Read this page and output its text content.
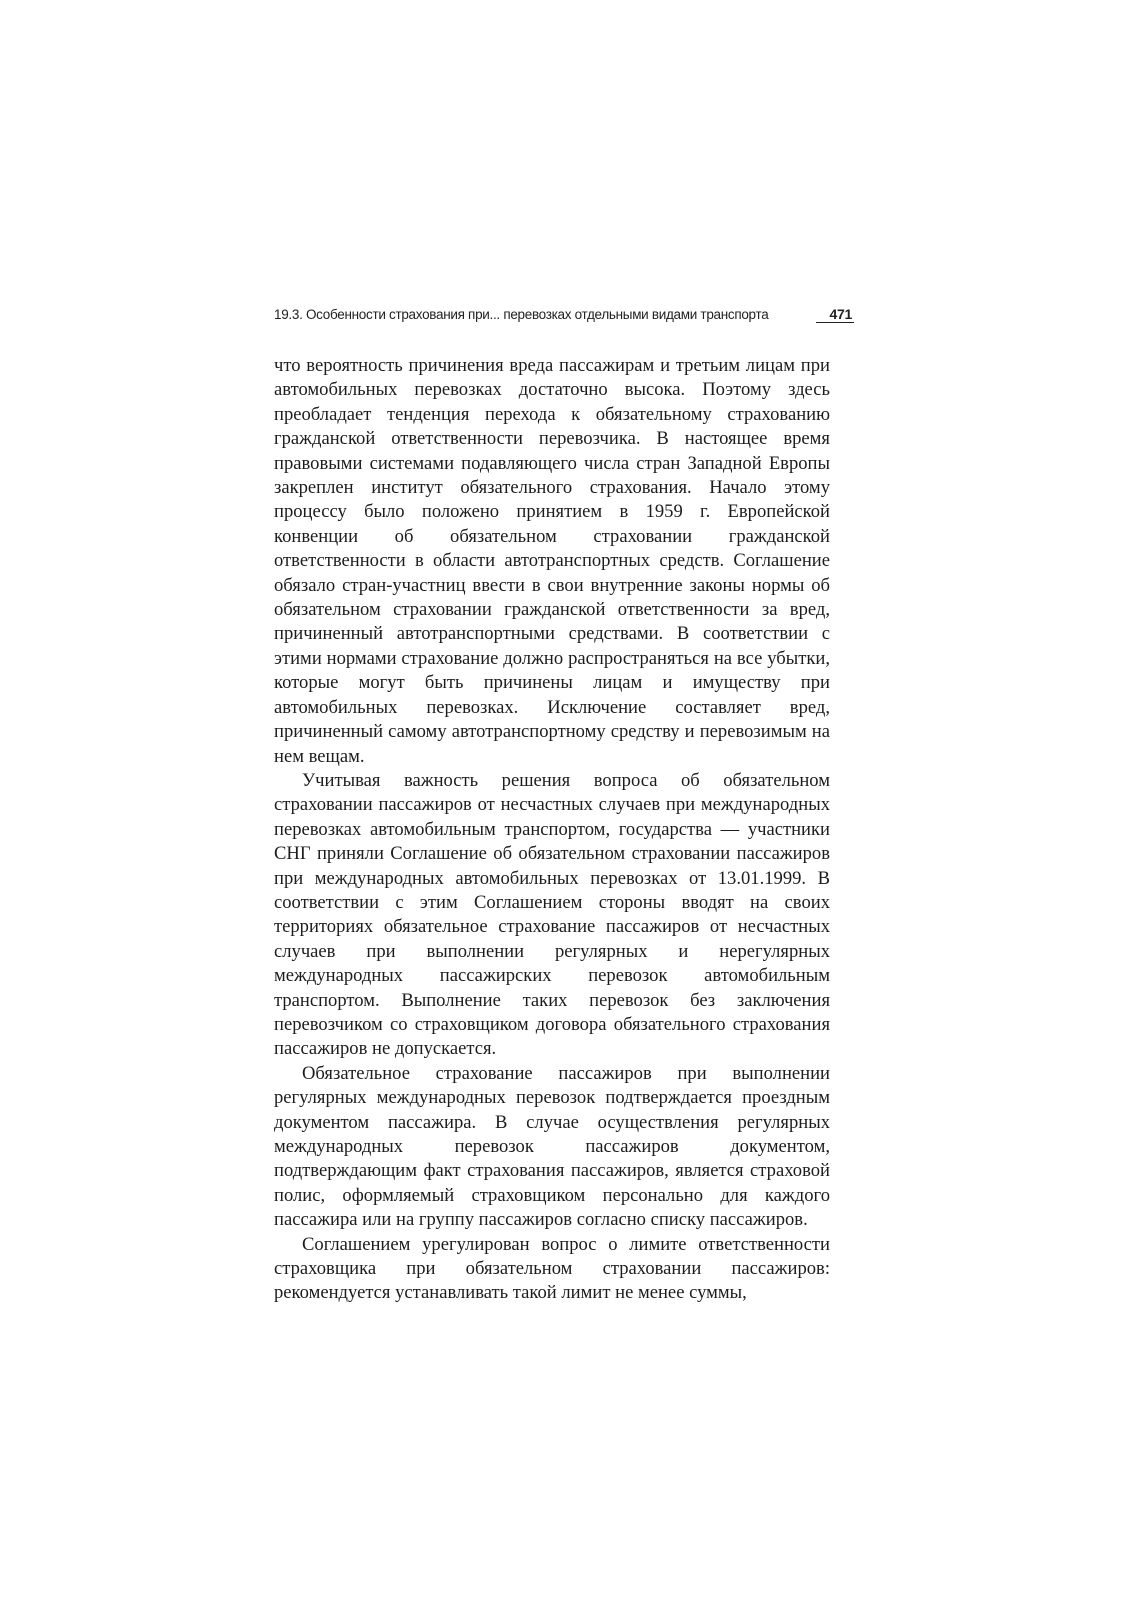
19.3. Особенности страхования при... перевозках отдельными видами транспорта	471

что вероятность причинения вреда пассажирам и третьим лицам при автомобильных перевозках достаточно высока. Поэтому здесь преобладает тенденция перехода к обязательному страхованию гражданской ответственности перевозчика. В настоящее время правовыми системами подавляющего числа стран Западной Европы закреплен институт обязательного страхования. Начало этому процессу было положено принятием в 1959 г. Европейской конвенции об обязательном страховании гражданской ответственности в области автотранспортных средств. Соглашение обязало стран-участниц ввести в свои внутренние законы нормы об обязательном страховании гражданской ответственности за вред, причиненный автотранспортными средствами. В соответствии с этими нормами страхование должно распространяться на все убытки, которые могут быть причинены лицам и имуществу при автомобильных перевозках. Исключение составляет вред, причиненный самому автотранспортному средству и перевозимым на нем вещам.

Учитывая важность решения вопроса об обязательном страховании пассажиров от несчастных случаев при международных перевозках автомобильным транспортом, государства — участники СНГ приняли Соглашение об обязательном страховании пассажиров при международных автомобильных перевозках от 13.01.1999. В соответствии с этим Соглашением стороны вводят на своих территориях обязательное страхование пассажиров от несчастных случаев при выполнении регулярных и нерегулярных международных пассажирских перевозок автомобильным транспортом. Выполнение таких перевозок без заключения перевозчиком со страховщиком договора обязательного страхования пассажиров не допускается.

Обязательное страхование пассажиров при выполнении регулярных международных перевозок подтверждается проездным документом пассажира. В случае осуществления регулярных международных перевозок пассажиров документом, подтверждающим факт страхования пассажиров, является страховой полис, оформляемый страховщиком персонально для каждого пассажира или на группу пассажиров согласно списку пассажиров.

Соглашением урегулирован вопрос о лимите ответственности страховщика при обязательном страховании пассажиров: рекомендуется устанавливать такой лимит не менее суммы,
